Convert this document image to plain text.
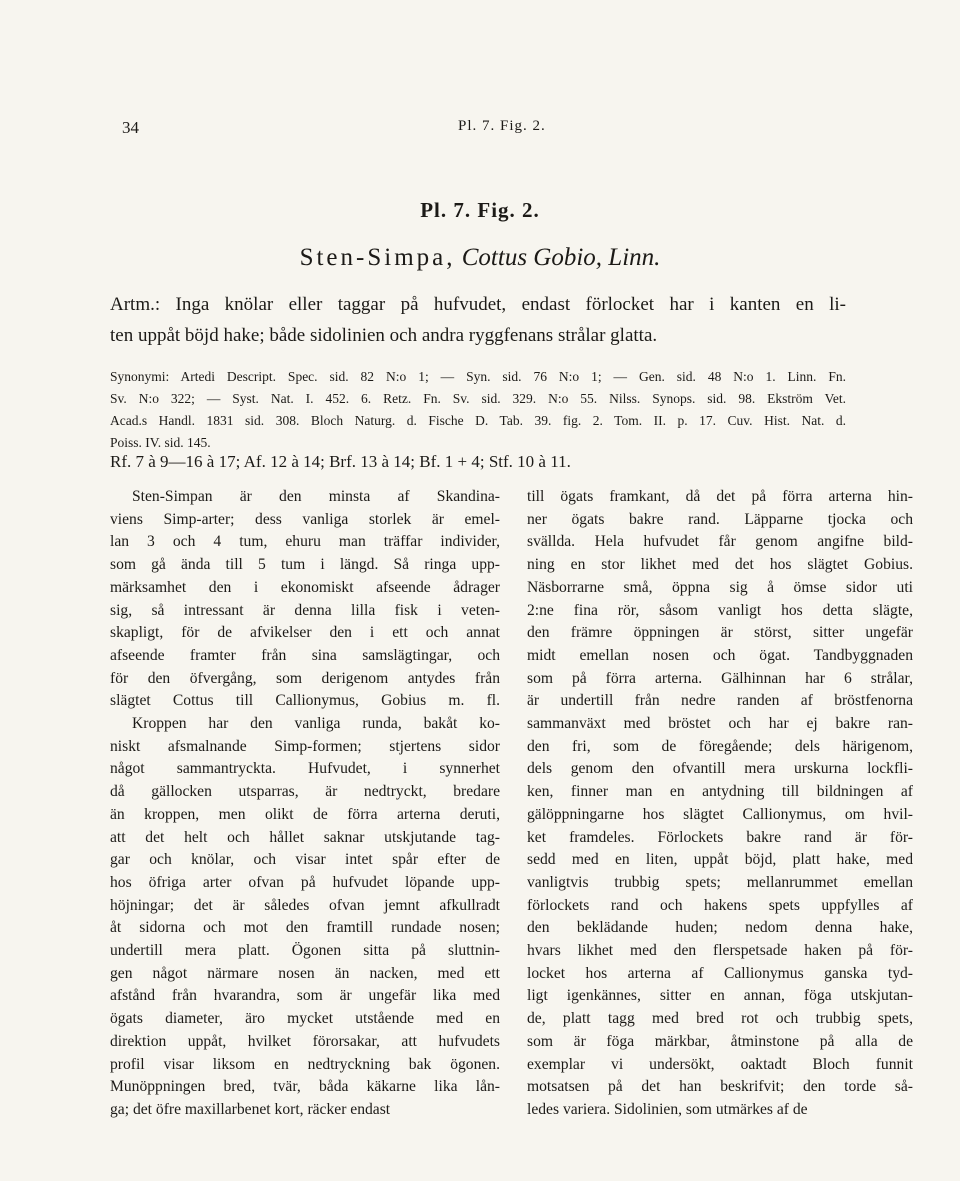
34	Pl. 7. Fig. 2.
Pl. 7. Fig. 2.
Sten-Simpa, Cottus Gobio, Linn.
Artm.: Inga knölar eller taggar på hufvudet, endast förlocket har i kanten en li-
ten uppåt böjd hake; både sidolinien och andra ryggfenans strålar glatta.
Synonymi: Artedi Descript. Spec. sid. 82 N:o 1; — Syn. sid. 76 N:o 1; — Gen. sid. 48 N:o 1. Linn. Fn.
Sv. N:o 322; — Syst. Nat. I. 452. 6. Retz. Fn. Sv. sid. 329. N:o 55. Nilss. Synops. sid. 98. Ekström Vet.
Acad.s Handl. 1831 sid. 308. Bloch Naturg. d. Fische D. Tab. 39. fig. 2. Tom. II. p. 17. Cuv. Hist. Nat. d.
Poiss. IV. sid. 145.
Rf. 7 à 9—16 à 17; Af. 12 à 14; Brf. 13 à 14; Bf. 1 + 4; Stf. 10 à 11.
Sten-Simpan är den minsta af Skandina-
viens Simp-arter; dess vanliga storlek är emel-
lan 3 och 4 tum, ehuru man träffar individer,
som gå ända till 5 tum i längd. Så ringa upp-
märksamhet den i ekonomiskt afseende ådrager
sig, så intressant är denna lilla fisk i veten-
skapligt, för de afvikelser den i ett och annat
afseende framter från sina samslägtingar, och
för den öfvergång, som derigenom antydes från
slägtet Cottus till Callionymus, Gobius m. fl.
Kroppen har den vanliga runda, bakåt ko-
niskt afsmalnande Simp-formen; stjertens sidor
något sammantryckta. Hufvudet, i synnerhet
då gällocken utsparras, är nedtryckt, bredare
än kroppen, men olikt de förra arterna deruti,
att det helt och hållet saknar utskjutande tag-
gar och knölar, och visar intet spår efter de
hos öfriga arter ofvan på hufvudet löpande upp-
höjningar; det är således ofvan jemnt afkullradt
åt sidorna och mot den framtill rundade nosen;
undertill mera platt. Ögonen sitta på sluttnin-
gen något närmare nosen än nacken, med ett
afstånd från hvarandra, som är ungefär lika med
ögats diameter, äro mycket utstående med en
direktion uppåt, hvilket förorsakar, att hufvudets
profil visar liksom en nedtryckning bak ögonen.
Munöppningen bred, tvär, båda käkarne lika lån-
ga; det öfre maxillarbenet kort, räcker endast
till ögats framkant, då det på förra arterna hin-
ner ögats bakre rand. Läpparne tjocka och
svällda. Hela hufvudet får genom angifne bild-
ning en stor likhet med det hos slägtet Gobius.
Näsborrarne små, öppna sig å ömse sidor uti
2:ne fina rör, såsom vanligt hos detta slägte,
den främre öppningen är störst, sitter ungefär
midt emellan nosen och ögat. Tandbyggnaden
som på förra arterna. Gälhinnan har 6 strålar,
är undertill från nedre randen af bröstfenorna
sammanväxt med bröstet och har ej bakre ran-
den fri, som de föregående; dels härigenom,
dels genom den ofvantill mera urskurna lockfli-
ken, finner man en antydning till bildningen af
gälöppningarne hos slägtet Callionymus, om hvil-
ket framdeles. Förlockets bakre rand är för-
sedd med en liten, uppåt böjd, platt hake, med
vanligtvis trubbig spets; mellanrummet emellan
förlockets rand och hakens spets uppfylles af
den beklädande huden; nedom denna hake,
hvars likhet med den flerspetsade haken på för-
locket hos arterna af Callionymus ganska tyd-
ligt igenkännes, sitter en annan, föga utskjutan-
de, platt tagg med bred rot och trubbig spets,
som är föga märkbar, åtminstone på alla de
exemplar vi undersökt, oaktadt Bloch funnit
motsatsen på det han beskrifvit; den torde så-
ledes variera. Sidolinien, som utmärkes af de
